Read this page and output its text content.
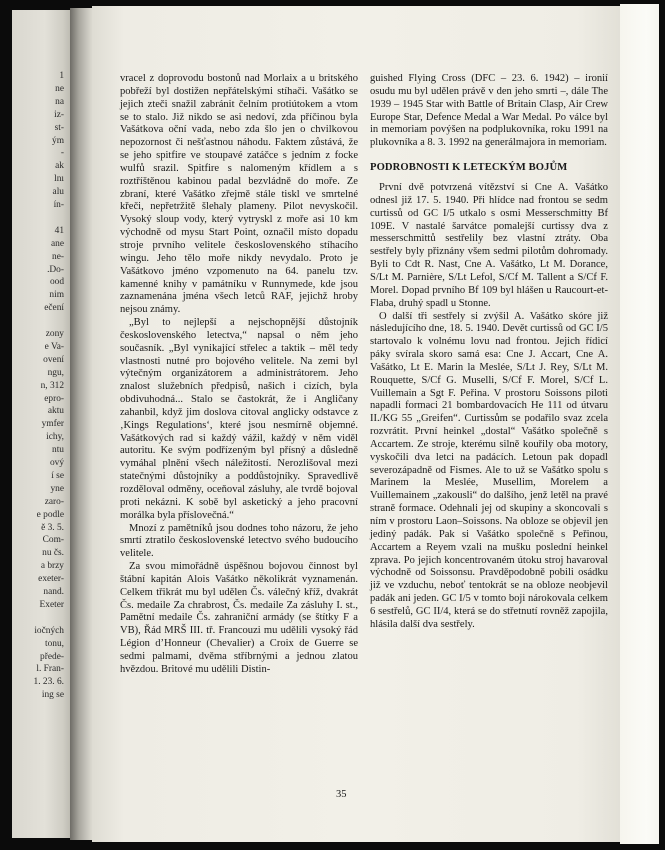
1
ne
na
iz-
st-
ým
-
ak
lnı
alu
ín-
41
ane
ne-
.Do-
ood
nim
ečení
zony
e Va-
ovení
ngu,
n, 312
epro-
aktu
ymfer
ichy,
ntu
ový
í se
yne
zaro-
e podle
ě 3. 5.
Com-
nu čs.
a brzy
exeter-
nand.
Exeter
iočných
tonu,
přede-
l. Fran-
1. 23. 6.
ing se

vracel z doprovodu bostonů nad Morlaix a u britského pobřeží byl dostižen nepřátelskými stíhači. Vašátko se jejich zteči snažil zabránit čelním protiútokem a vtom se to stalo. Již nikdo se asi nedoví, zda příčinou byla Vašátkova oční vada, nebo zda šlo jen o chvilkovou nepozornost či nešťastnou náhodu. Faktem zůstává, že se jeho spitfire ve stoupavé zatáčce s jedním z focke wulfů srazil. Spitfire s nalomeným křídlem a s roztříštěnou kabinou padal bezvládně do moře. Ze zbraní, které Vašátko zřejmě stále tiskl ve smrtelné křeči, nepřetržitě šlehaly plameny. Pilot nevyskočil. Vysoký sloup vody, který vytryskl z moře asi 10 km východně od mysu Start Point, označil místo dopadu stroje prvního velitele československého stíhacího wingu. Jeho tělo moře nikdy nevydalo. Proto je Vašátkovo jméno vzpomenuto na 64. panelu tzv. kamenné knihy v památníku v Runnymede, kde jsou zaznamenána jména všech letců RAF, jejichž hroby nejsou známy.

„Byl to nejlepší a nejschopnější důstojník československého letectva,“ napsal o něm jeho současník. „Byl vynikající střelec a taktik – měl tedy vlastnosti nutné pro bojového velitele. Na zemi byl výtečným organizátorem a administrátorem. Jeho znalost služebních předpisů, našich i cizích, byla obdivuhodná... Stalo se častokrát, že i Angličany zahanbil, když jim doslova citoval anglicky odstavce z ‚Kings Regulations‘, které jsou nesmírně objemné. Vašátkových rad si každý vážil, každý v něm viděl autoritu. Ke svým podřízeným byl přísný a důsledně vymáhal plnění všech náležitostí. Nerozlišoval mezi statečnými důstojníky a poddůstojníky. Spravedlivě rozděloval odměny, oceňoval zásluhy, ale tvrdě bojoval proti nekázni. K sobě byl asketický a jeho pracovní morálka byla příslovečná.“

Mnozí z pamětníků jsou dodnes toho názoru, že jeho smrtí ztratilo československé letectvo svého budoucího velitele.

Za svou mimořádně úspěšnou bojovou činnost byl štábní kapitán Alois Vašátko několikrát vyznamenán. Celkem třikrát mu byl udělen Čs. válečný kříž, dvakrát Čs. medaile Za chrabrost, Čs. medaile Za zásluhy I. st., Pamětní medaile Čs. zahraniční armády (se štítky F a VB), Řád MRŠ III. tř. Francouzi mu udělili vysoký řád Légion d’Honneur (Chevalier) a Croix de Guerre se sedmi palmami, dvěma stříbrnými a jednou zlatou hvězdou. Britové mu udělili Distin-

guished Flying Cross (DFC – 23. 6. 1942) – ironií osudu mu byl udělen právě v den jeho smrti –, dále The 1939 – 1945 Star with Battle of Britain Clasp, Air Crew Europe Star, Defence Medal a War Medal. Po válce byl in memoriam povýšen na podplukovníka, roku 1991 na plukovníka a 8. 3. 1992 na generálmajora in memoriam.

PODROBNOSTI K LETECKÝM BOJŮM

První dvě potvrzená vítězství si Cne A. Vašátko odnesl již 17. 5. 1940. Při hlídce nad frontou se sedm curtissů od GC I/5 utkalo s osmi Messerschmitty Bf 109E. V nastalé šarvátce pomalejší curtissy dva z messerschmittů sestřelily bez vlastní ztráty. Oba sestřely byly přiznány všem sedmi pilotům dohromady. Byli to Cdt R. Nast, Cne A. Vašátko, Lt M. Dorance, S/Lt M. Parnière, S/Lt Lefol, S/Cf M. Tallent a S/Cf F. Morel. Dopad prvního Bf 109 byl hlášen u Raucourt-et-Flaba, druhý spadl u Stonne.

O další tři sestřely si zvýšil A. Vašátko skóre již následujícího dne, 18. 5. 1940. Devět curtissů od GC I/5 startovalo k volnému lovu nad frontou. Jejich řídicí páky svírala skoro samá esa: Cne J. Accart, Cne A. Vašátko, Lt E. Marin la Meslée, S/Lt J. Rey, S/Lt M. Rouquette, S/Cf G. Muselli, S/Cf F. Morel, S/Cf L. Vuillemain a Sgt F. Peřina. V prostoru Soissons piloti napadli formaci 21 bombardovacích He 111 od útvaru II./KG 55 „Greifen“. Curtissům se podařilo svaz zcela rozvrátit. První heinkel „dostal“ Vašátko společně s Accartem. Ze stroje, kterému silně kouřily oba motory, vyskočili dva letci na padácích. Letoun pak dopadl severozápadně od Fismes. Ale to už se Vašátko spolu s Marinem la Meslée, Musellim, Morelem a Vuillemainem „zakousli“ do dalšího, jenž letěl na pravé straně formace. Odehnali jej od skupiny a skoncovali s ním v prostoru Laon–Soissons. Na obloze se objevil jen jediný padák. Pak si Vašátko společně s Peřinou, Accartem a Reyem vzali na mušku poslední heinkel zprava. Po jejich koncentrovaném útoku stroj havaroval východně od Soissonsu. Pravděpodobně pobili osádku již ve vzduchu, neboť tentokrát se na obloze neobjevil padák ani jeden. GC I/5 v tomto boji nárokovala celkem 6 sestřelů, GC II/4, která se do střetnutí rovněž zapojila, hlásila další dva sestřely.

35
